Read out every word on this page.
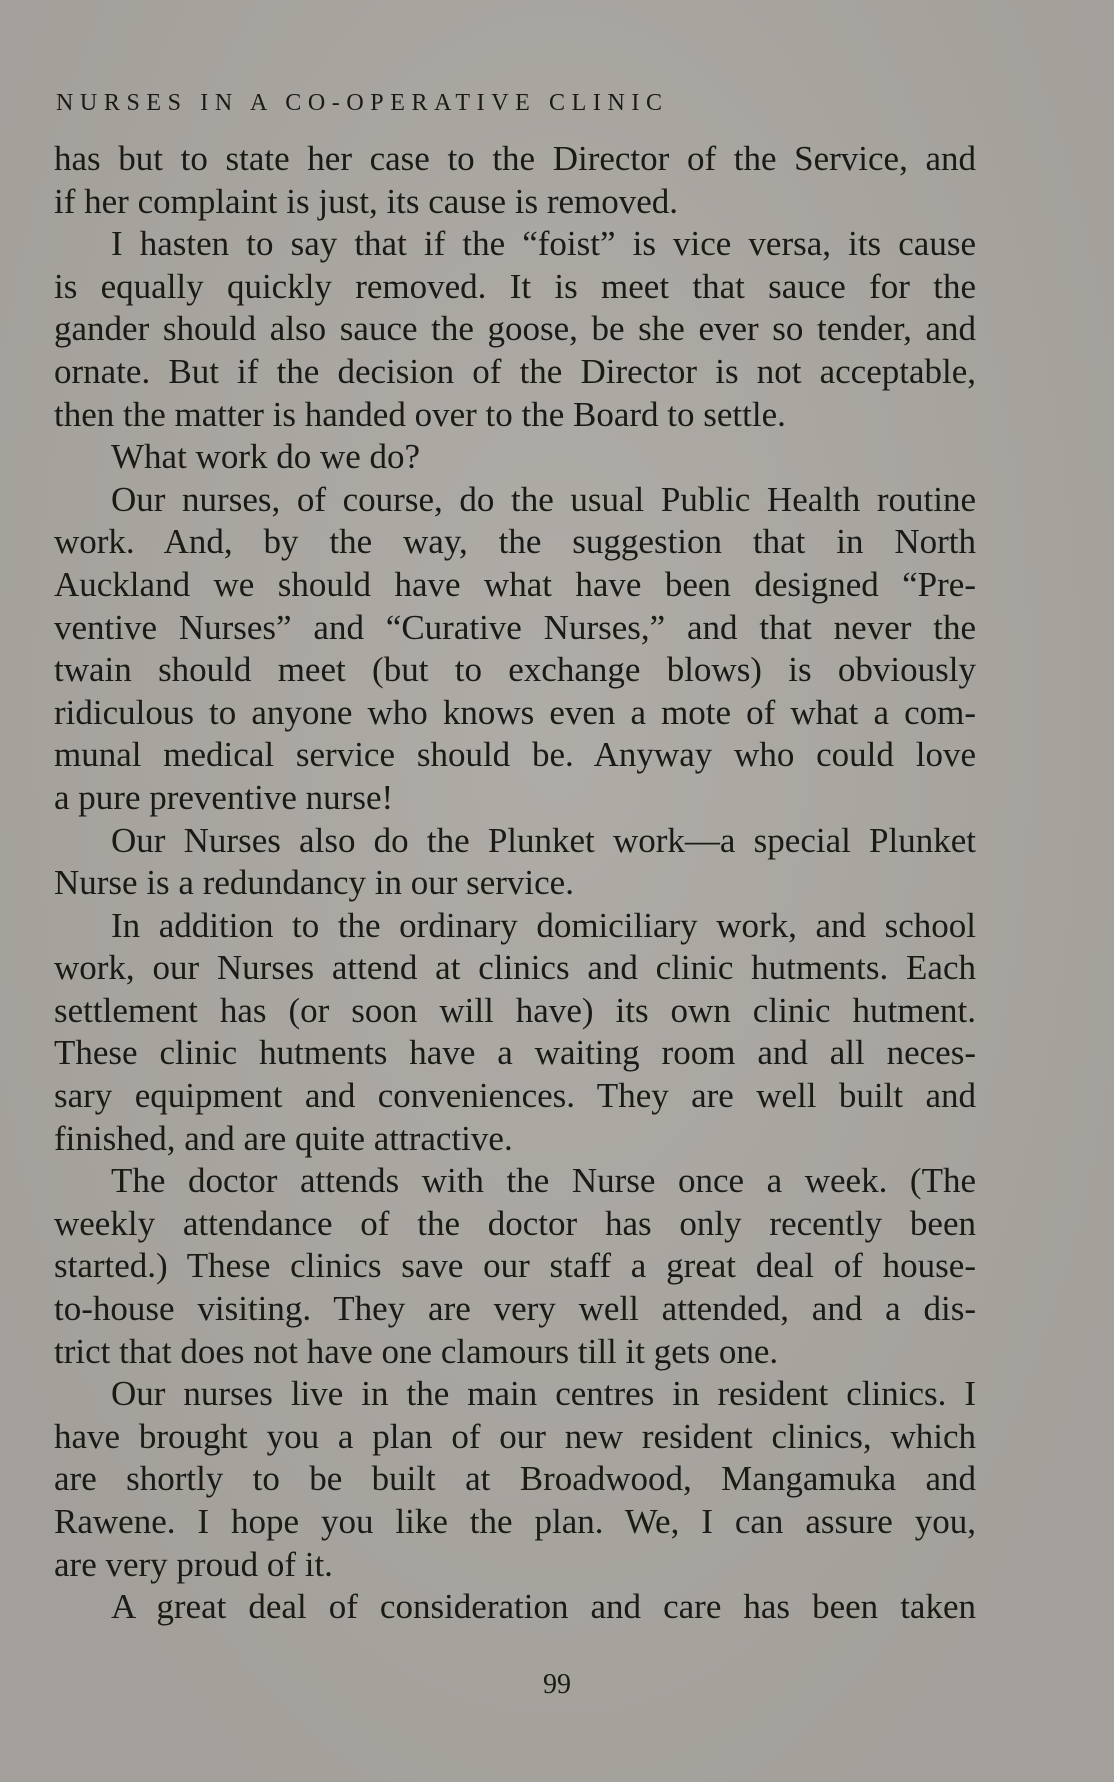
NURSES IN A CO-OPERATIVE CLINIC
has but to state her case to the Director of the Service, and
if her complaint is just, its cause is removed.
I hasten to say that if the “foist” is vice versa, its cause
is equally quickly removed. It is meet that sauce for the
gander should also sauce the goose, be she ever so tender, and
ornate. But if the decision of the Director is not acceptable,
then the matter is handed over to the Board to settle.
What work do we do?
Our nurses, of course, do the usual Public Health routine
work. And, by the way, the suggestion that in North
Auckland we should have what have been designed “Pre-
ventive Nurses” and “Curative Nurses,” and that never the
twain should meet (but to exchange blows) is obviously
ridiculous to anyone who knows even a mote of what a com-
munal medical service should be. Anyway who could love
a pure preventive nurse!
Our Nurses also do the Plunket work—a special Plunket
Nurse is a redundancy in our service.
In addition to the ordinary domiciliary work, and school
work, our Nurses attend at clinics and clinic hutments. Each
settlement has (or soon will have) its own clinic hutment.
These clinic hutments have a waiting room and all neces-
sary equipment and conveniences. They are well built and
finished, and are quite attractive.
The doctor attends with the Nurse once a week. (The
weekly attendance of the doctor has only recently been
started.) These clinics save our staff a great deal of house-
to-house visiting. They are very well attended, and a dis-
trict that does not have one clamours till it gets one.
Our nurses live in the main centres in resident clinics. I
have brought you a plan of our new resident clinics, which
are shortly to be built at Broadwood, Mangamuka and
Rawene. I hope you like the plan. We, I can assure you,
are very proud of it.
A great deal of consideration and care has been taken
99
